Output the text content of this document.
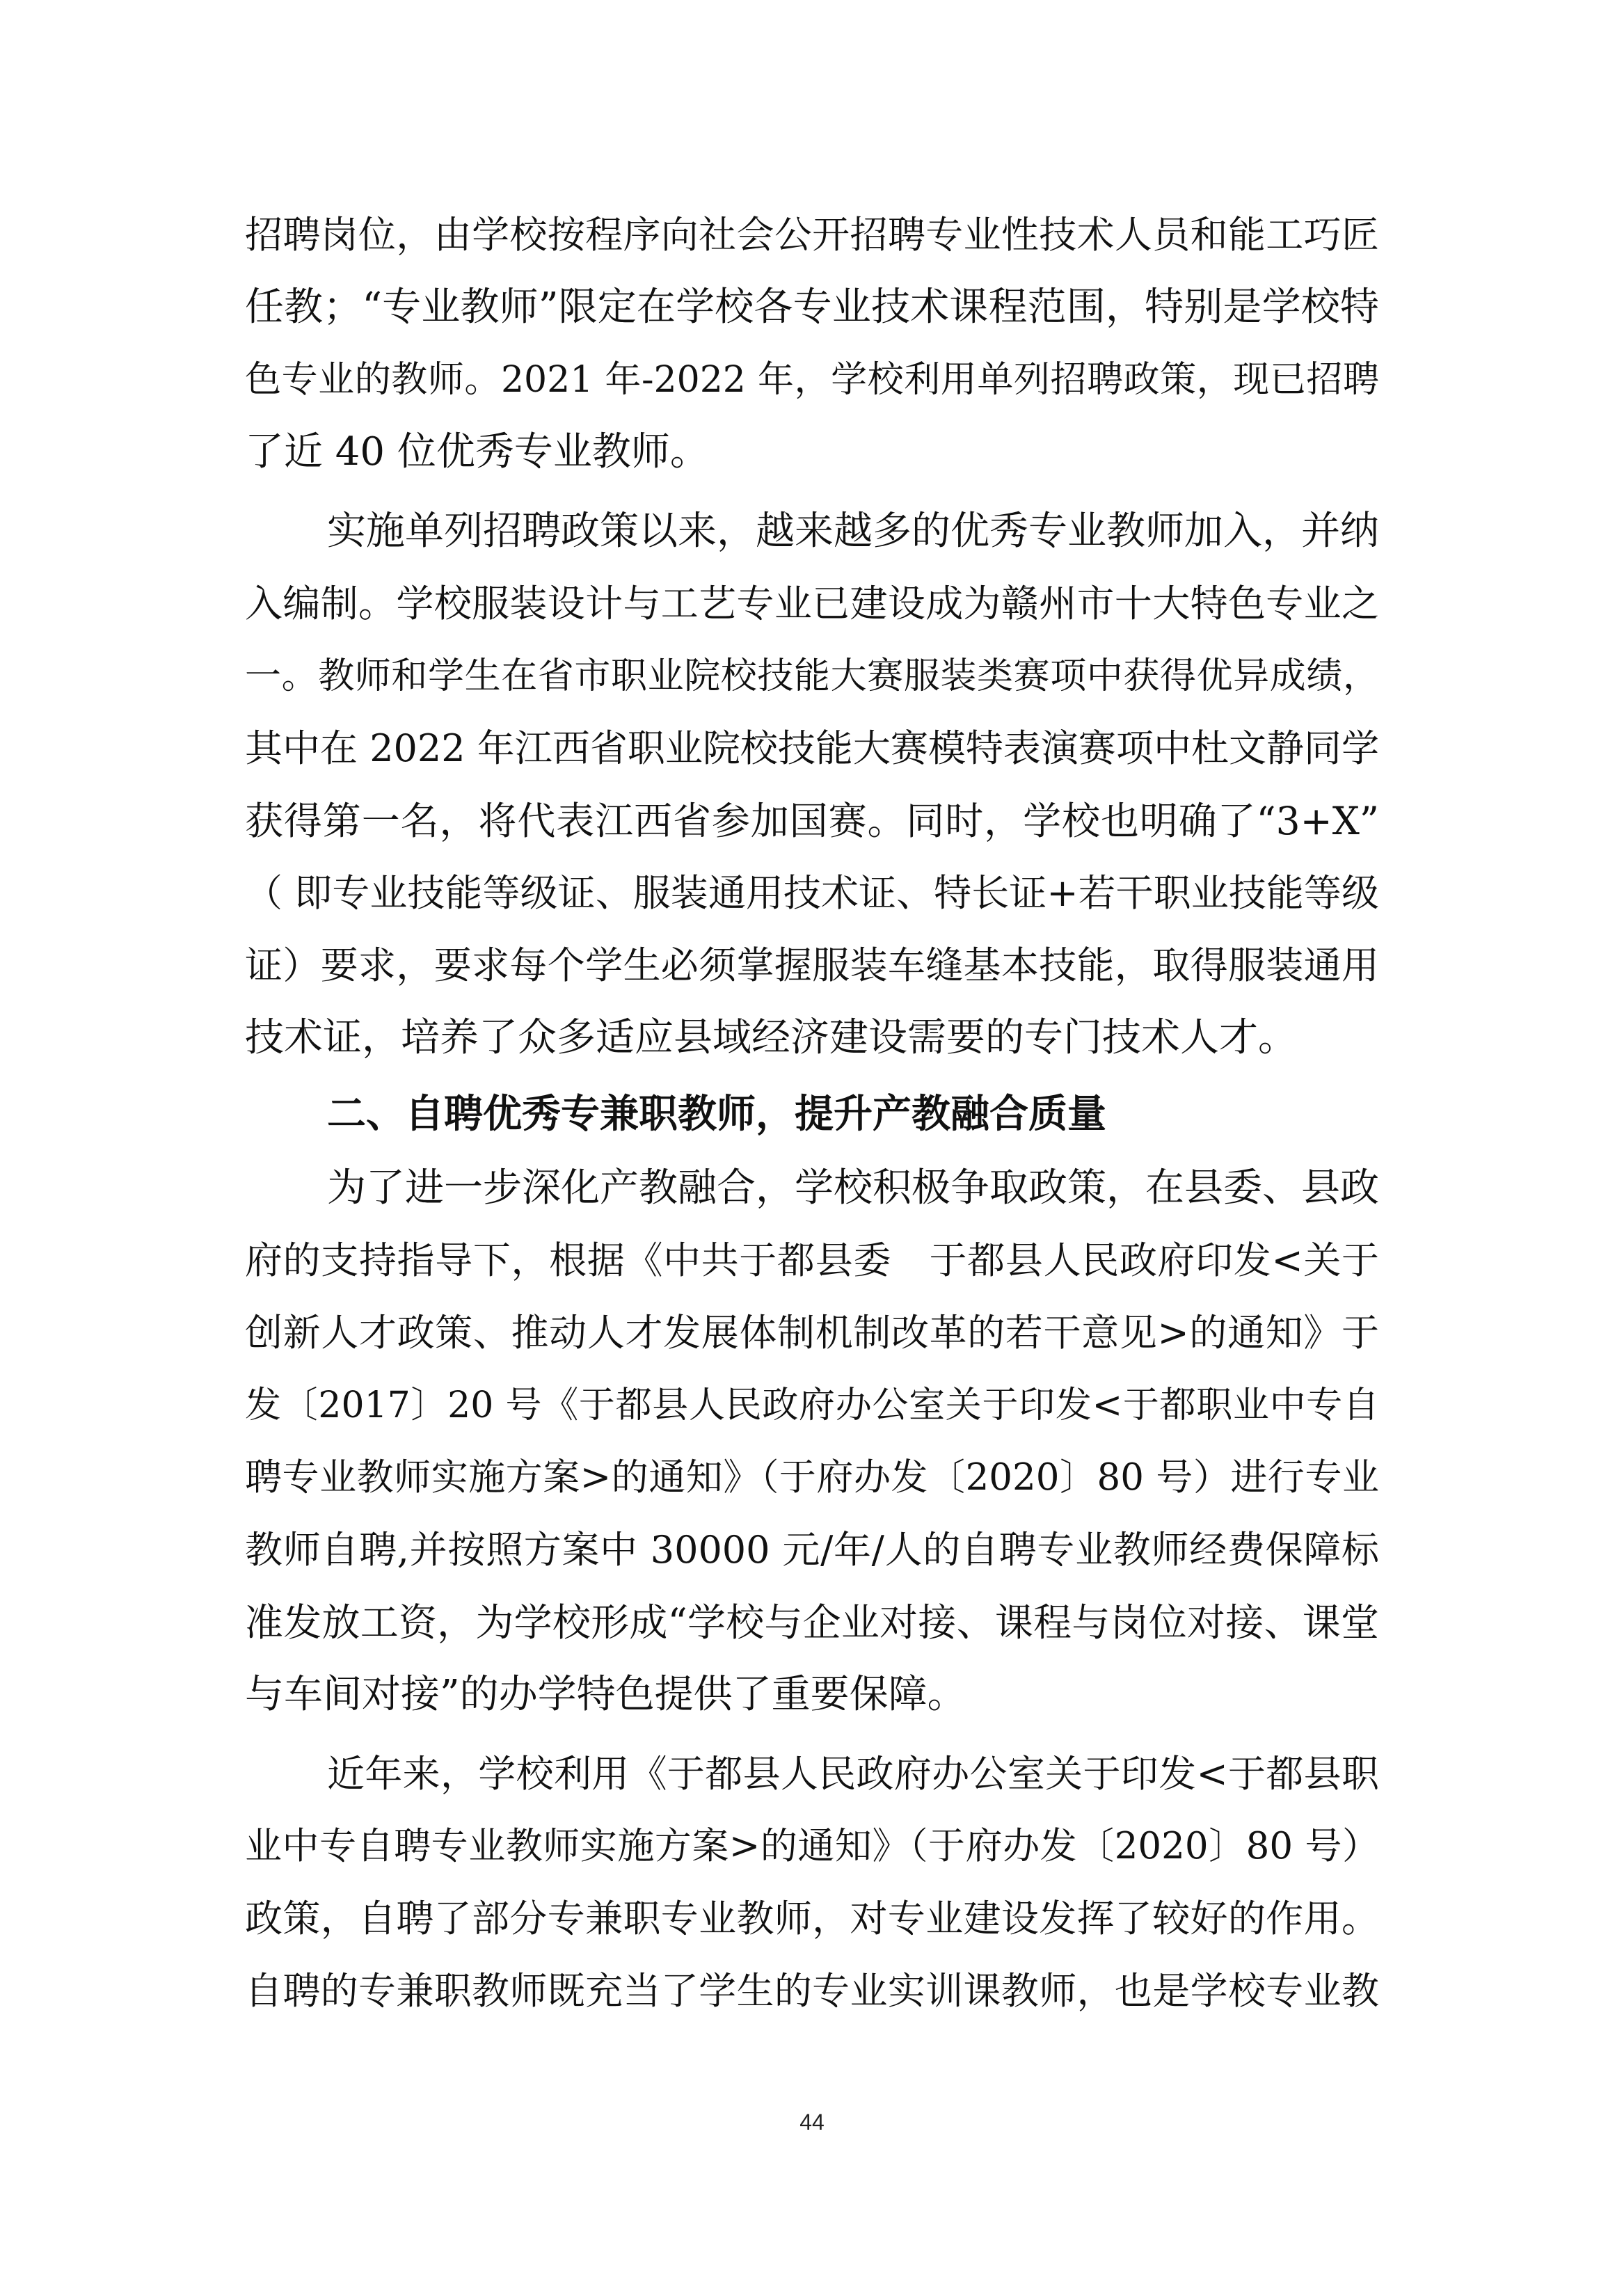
招聘岗位，由学校按程序向社会公开招聘专业性技术人员和能工巧匠
任教；“专业教师”限定在学校各专业技术课程范围，特别是学校特
色专业的教师。2021 年-2022 年，学校利用单列招聘政策，现已招聘
了近 40 位优秀专业教师。
实施单列招聘政策以来，越来越多的优秀专业教师加入，并纳
入编制。学校服装设计与工艺专业已建设成为赣州市十大特色专业之
一。教师和学生在省市职业院校技能大赛服装类赛项中获得优异成绩，
其中在 2022 年江西省职业院校技能大赛模特表演赛项中杜文静同学
获得第一名，将代表江西省参加国赛。同时，学校也明确了“3+X”
（ 即专业技能等级证、服装通用技术证、特长证+若干职业技能等级
证）要求，要求每个学生必须掌握服装车缝基本技能，取得服装通用
技术证，培养了众多适应县域经济建设需要的专门技术人才。
二、自聘优秀专兼职教师，提升产教融合质量
为了进一步深化产教融合，学校积极争取政策，在县委、县政
府的支持指导下，根据《中共于都县委　于都县人民政府印发<关于
创新人才政策、推动人才发展体制机制改革的若干意见>的通知》于
发〔2017〕20 号《于都县人民政府办公室关于印发<于都职业中专自
聘专业教师实施方案>的通知》（于府办发〔2020〕80 号）进行专业
教师自聘,并按照方案中 30000 元/年/人的自聘专业教师经费保障标
准发放工资，为学校形成“学校与企业对接、课程与岗位对接、课堂
与车间对接”的办学特色提供了重要保障。
近年来，学校利用《于都县人民政府办公室关于印发<于都县职
业中专自聘专业教师实施方案>的通知》（于府办发〔2020〕80 号）
政策，自聘了部分专兼职专业教师，对专业建设发挥了较好的作用。
自聘的专兼职教师既充当了学生的专业实训课教师，也是学校专业教
44
